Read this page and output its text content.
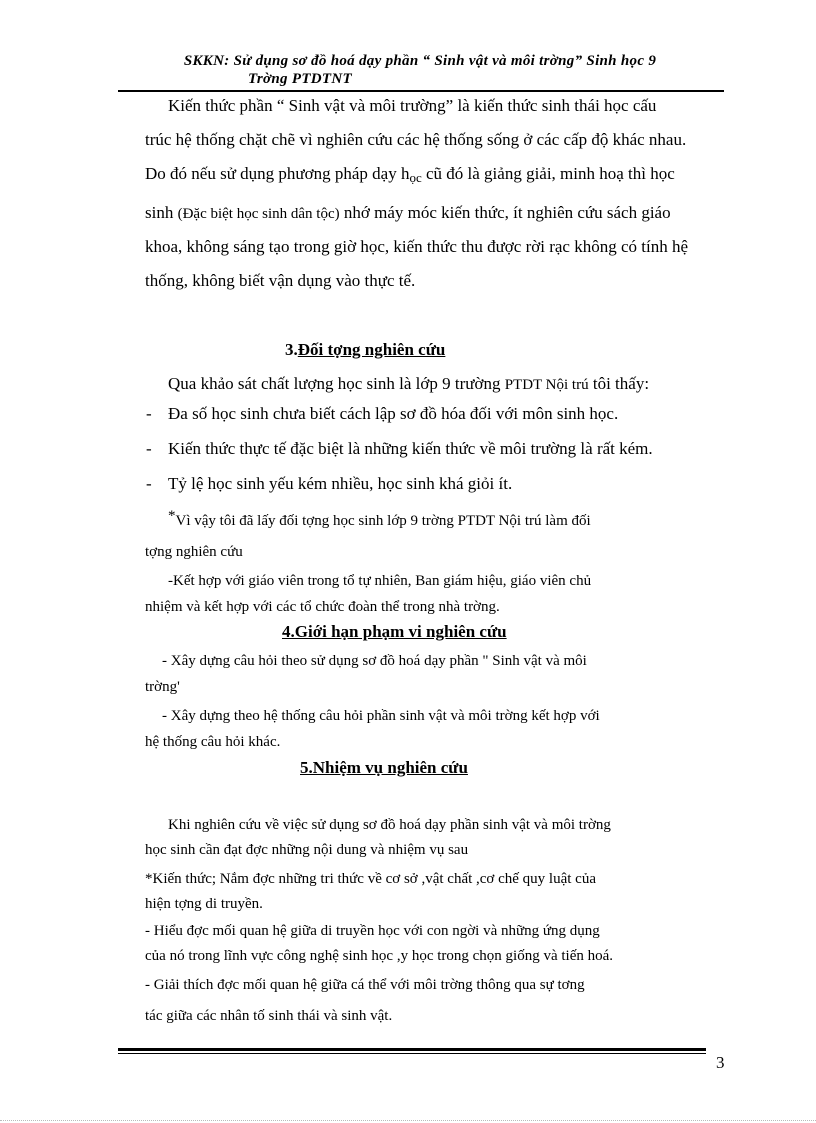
SKKN: Sử dụng sơ đồ hoá dạy phần “ Sinh vật và môi trờng” Sinh học 9
Trờng PTDTNT
Kiến thức phần “ Sinh vật và môi trường” là kiến thức sinh thái học cấu
trúc hệ thống chặt chẽ vì nghiên cứu các hệ thống sống ở các cấp độ khác nhau.
Do đó nếu sử dụng phương pháp dạy học cũ đó là giảng giải, minh hoạ thì học
sinh (Đặc biệt học sinh dân tộc) nhớ máy móc kiến thức, ít nghiên cứu sách giáo
khoa, không sáng tạo trong giờ học, kiến thức thu được rời rạc không có tính hệ
thống, không biết vận dụng vào thực tế.
3.Đối tợng nghiên cứu
Qua khảo sát chất lượng học sinh là lớp 9 trường PTDT Nội trú tôi thấy:
- Đa số học sinh chưa biết cách lập sơ đồ hóa đối với môn sinh học.
- Kiến thức thực tế đặc biệt là những kiến thức về môi trường là rất kém.
- Tỷ lệ học sinh yếu kém nhiều, học sinh khá giỏi ít.
*Vì vậy tôi đã lấy đối tợng học sinh lớp 9 trờng PTDT Nội trú làm đối
tợng nghiên cứu
-Kết hợp với giáo viên trong tổ tự nhiên, Ban giám hiệu, giáo viên chủ
nhiệm và kết hợp với các tổ chức đoàn thể trong nhà trờng.
4.Giới hạn phạm vi nghiên cứu
- Xây dựng câu hỏi theo sử dụng sơ đồ hoá dạy phần " Sinh vật và môi
trờng'
- Xây dựng theo hệ thống câu hỏi phần sinh vật và môi trờng kết hợp với
hệ thống câu hỏi khác.
5.Nhiệm vụ nghiên cứu
Khi nghiên cứu về việc sử dụng sơ đồ hoá dạy phần sinh vật và môi trờng
học sinh cần đạt đợc những nội dung và nhiệm vụ sau
*Kiến thức; Nắm đợc những tri thức về cơ sở ,vật chất ,cơ chế quy luật của
hiện tợng di truyền.
- Hiểu đợc mối quan hệ giữa di truyền học với con ngời và những ứng dụng
của nó trong lĩnh vực công nghệ sinh học ,y học trong chọn giống và tiến hoá.
- Giải thích đợc mối quan hệ giữa cá thể với môi trờng thông qua sự tơng
tác giữa các nhân tố sinh thái và sinh vật.
3
